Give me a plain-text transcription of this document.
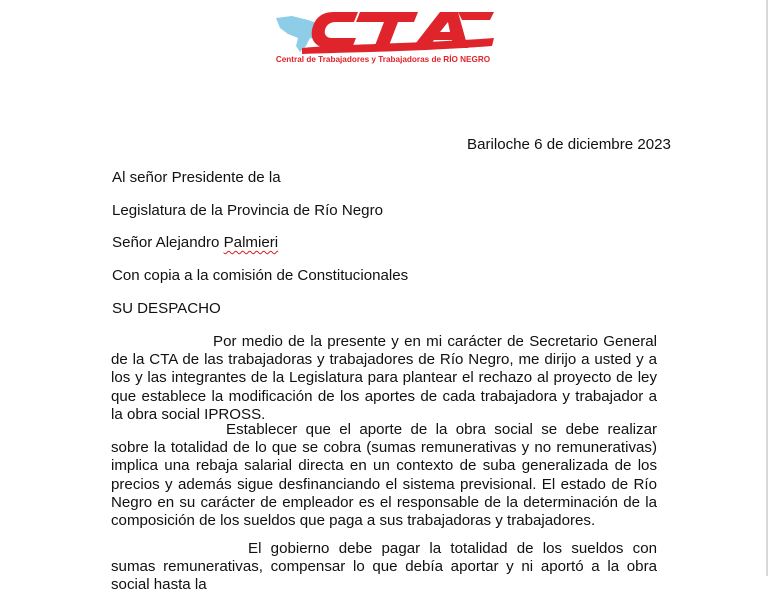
Central de Trabajadores y Trabajadoras de RÍO NEGRO
Bariloche 6 de diciembre 2023
Al señor Presidente de la
Legislatura de la Provincia de Río Negro
Señor Alejandro Palmieri
Con copia a la comisión de Constitucionales
SU DESPACHO

Por medio de la presente y en mi carácter de Secretario General de la CTA de las trabajadoras y trabajadores de Río Negro, me dirijo a usted y a los y las integrantes de la Legislatura para plantear el rechazo al proyecto de ley que establece la modificación de los aportes de cada trabajadora y trabajador a la obra social IPROSS.

Establecer que el aporte de la obra social se debe realizar sobre la totalidad de lo que se cobra (sumas remunerativas y no remunerativas) implica una rebaja salarial directa en un contexto de suba generalizada de los precios y además sigue desfinanciando el sistema previsional. El estado de Río Negro en su carácter de empleador es el responsable de la determinación de la composición de los sueldos que paga a sus trabajadoras y trabajadores.

El gobierno debe pagar la totalidad de los sueldos con sumas remunerativas, compensar lo que debía aportar y ni aportó a la obra social hasta la
